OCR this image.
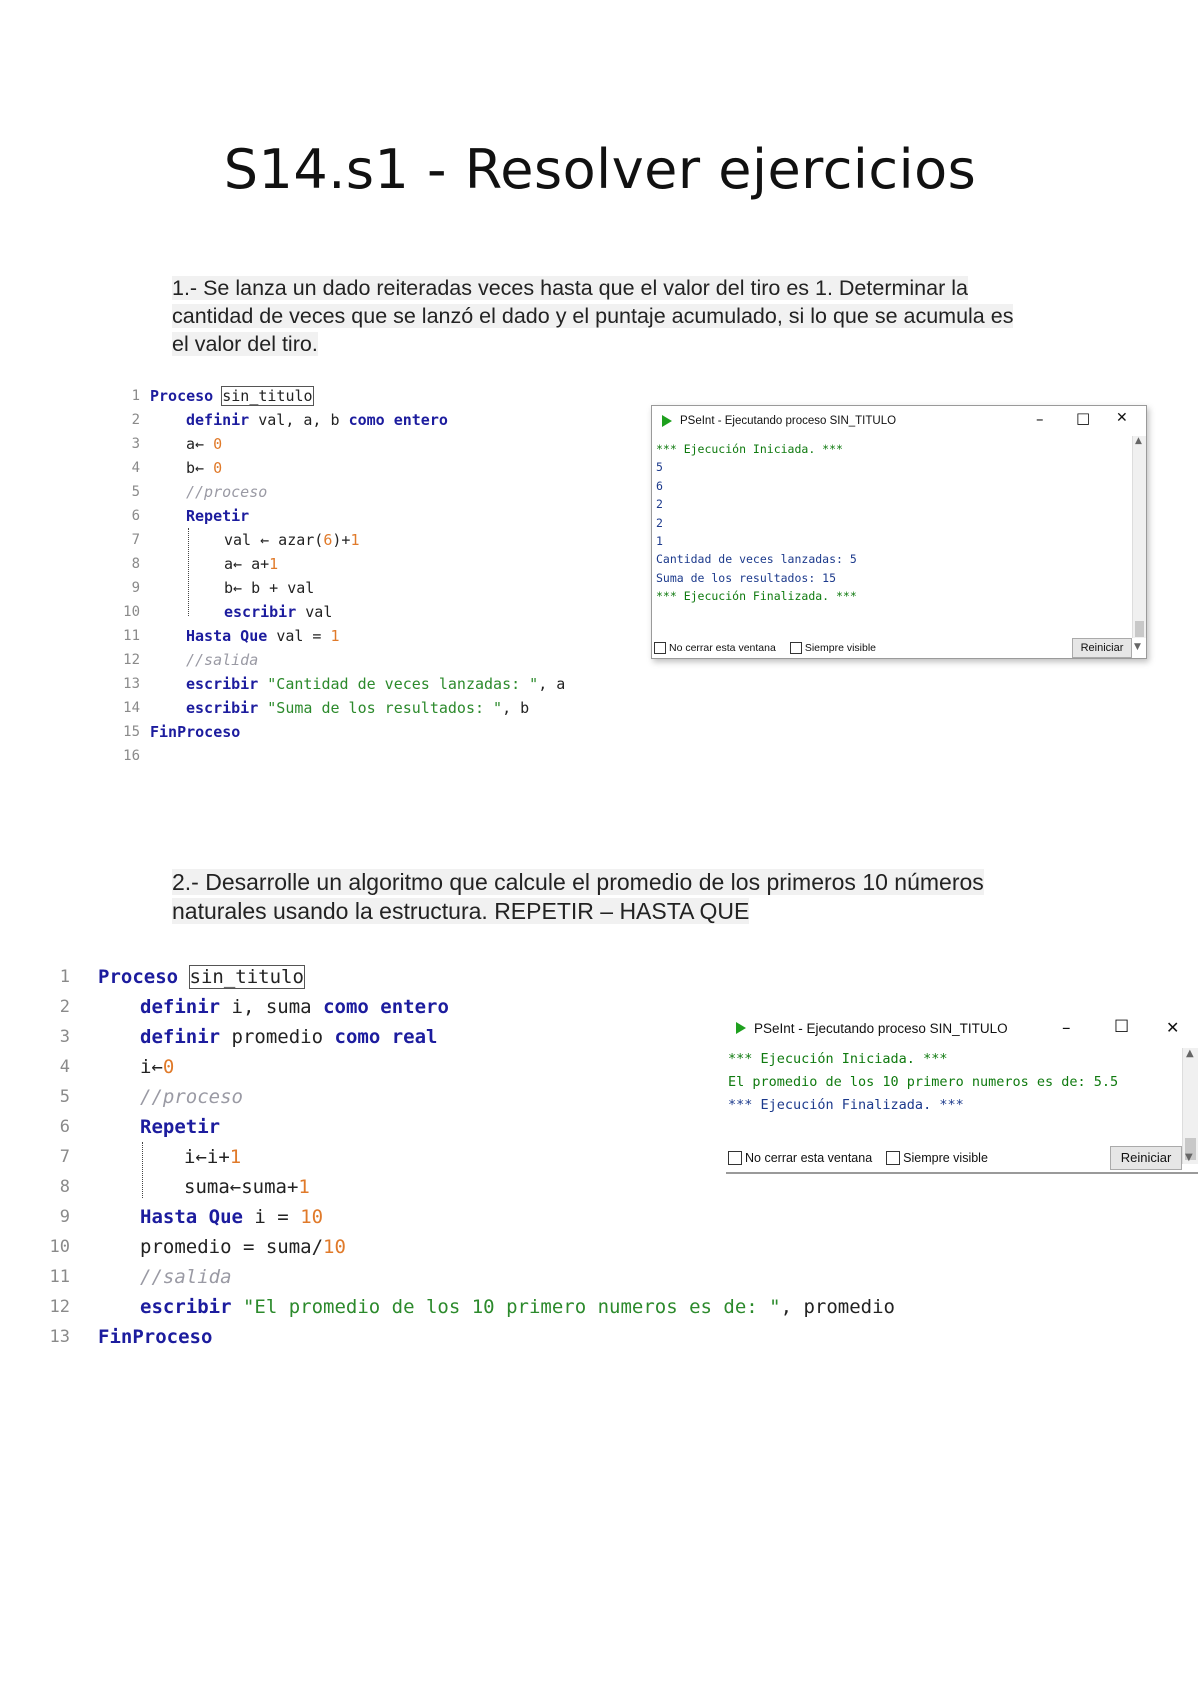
S14.s1 - Resolver ejercicios
1.- Se lanza un dado reiteradas veces hasta que el valor del tiro es 1. Determinar la cantidad de veces que se lanzó el dado y el puntaje acumulado, si lo que se acumula es el valor del tiro.

1 Proceso sin_titulo

2	definir val, a, b como entero

3	a← 0

4	b← 0

5	//proceso

6	Repetir

7	val ← azar(6)+1

8	a← a+1

9	b← b + val

10	escribir val

11	Hasta Que val = 1

12	//salida

13	escribir "Cantidad de veces lanzadas: ", a

14	escribir "Suma de los resultados: ", b

15 FinProceso

16

PSeInt - Ejecutando proceso SIN_TITULO	– □ ✕
*** Ejecución Iniciada. ***
5
6
2
2
1
Cantidad de veces lanzadas: 5
Suma de los resultados: 15
*** Ejecución Finalizada. ***
▲
No cerrar esta ventana	Siempre visible	Reiniciar	▼
2.- Desarrolle un algoritmo que calcule el promedio de los primeros 10 números
naturales usando la estructura. REPETIR – HASTA QUE

1 Proceso sin_titulo

2	definir i, suma como entero

3	definir promedio como real

4	i←0

5	//proceso

6	Repetir

7	i←i+1

8	suma←suma+1

9	Hasta Que i = 10

10	promedio = suma/10

11	//salida

12	escribir "El promedio de los 10 primero numeros es de: ", promedio

13 FinProceso

PSeInt - Ejecutando proceso SIN_TITULO	–	☐ ✕
*** Ejecución Iniciada. ***
El promedio de los 10 primero numeros es de: 5.5
*** Ejecución Finalizada. ***
▲
No cerrar esta ventana Siempre visible	Reiniciar	▼
